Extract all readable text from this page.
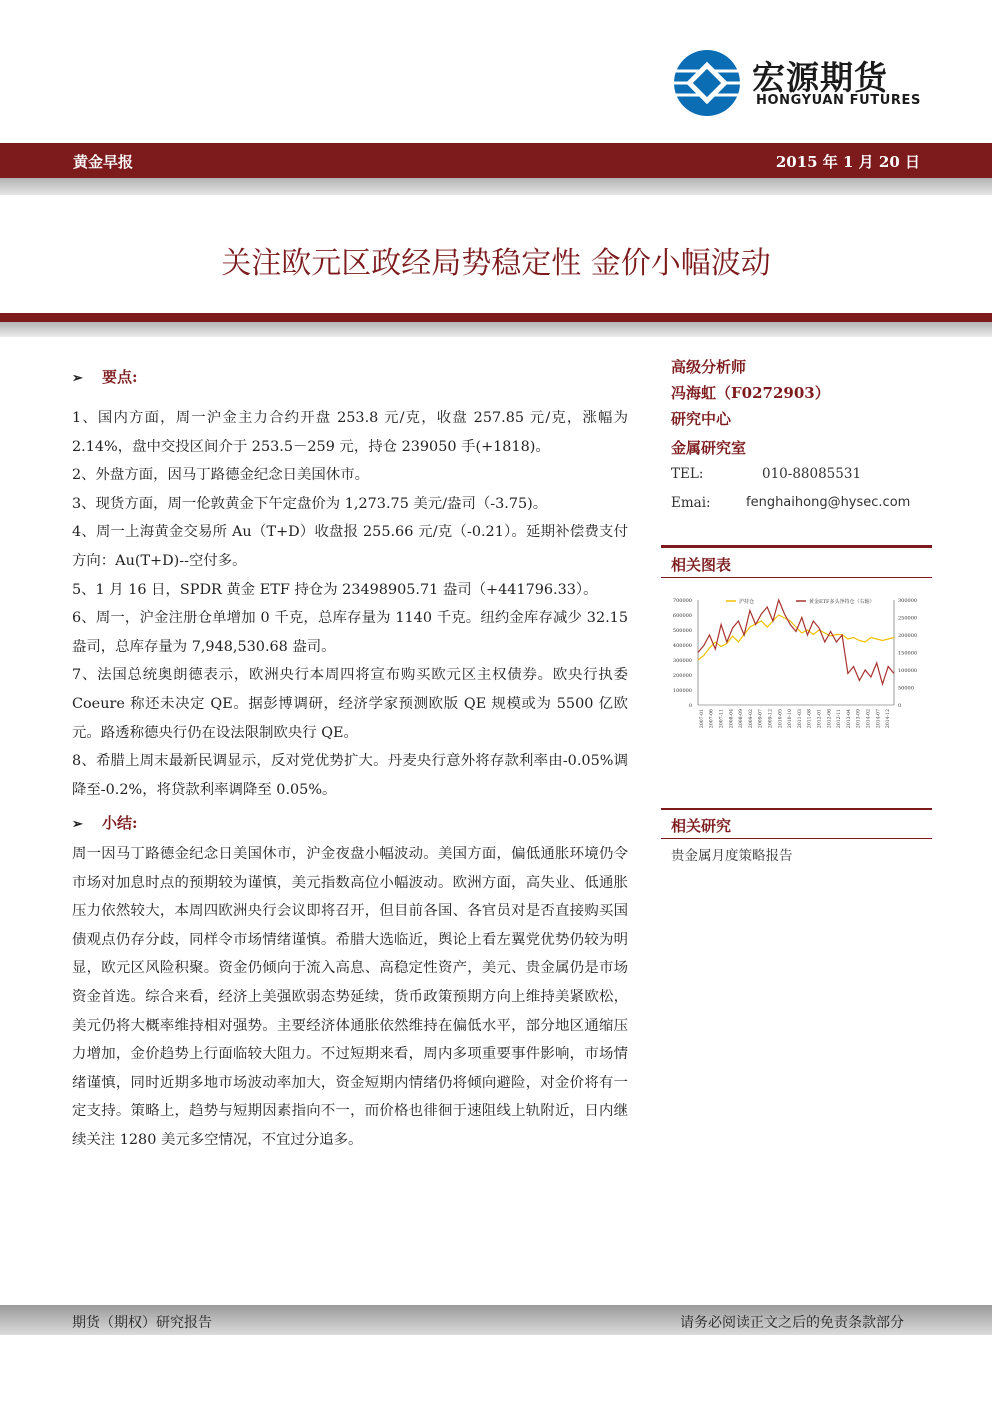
宏源期货
HONGYUAN FUTURES
黄金早报	2015 年 1 月 20 日
关注欧元区政经局势稳定性 金价小幅波动
➢ 要点:

1、国内方面，周一沪金主力合约开盘 253.8 元/克，收盘 257.85 元/克，涨幅为 2.14%，盘中交投区间介于 253.5－259 元，持仓 239050 手(+1818)。

2、外盘方面，因马丁路德金纪念日美国休市。

3、现货方面，周一伦敦黄金下午定盘价为 1,273.75 美元/盎司（-3.75)。

4、周一上海黄金交易所 Au（T+D）收盘报 255.66 元/克（-0.21）。延期补偿费支付方向：Au(T+D)--空付多。

5、1 月 16 日，SPDR 黄金 ETF 持仓为 23498905.71 盎司（+441796.33）。

6、周一，沪金注册仓单增加 0 千克，总库存量为 1140 千克。纽约金库存减少 32.15 盎司，总库存量为 7,948,530.68 盎司。

7、法国总统奥朗德表示，欧洲央行本周四将宣布购买欧元区主权债券。欧央行执委 Coeure 称还未决定 QE。据彭博调研，经济学家预测欧版 QE 规模或为 5500 亿欧元。路透称德央行仍在设法限制欧央行 QE。

8、希腊上周末最新民调显示，反对党优势扩大。丹麦央行意外将存款利率由-0.05%调降至-0.2%，将贷款利率调降至 0.05%。

➢ 小结:

周一因马丁路德金纪念日美国休市，沪金夜盘小幅波动。美国方面，偏低通胀环境仍令市场对加息时点的预期较为谨慎，美元指数高位小幅波动。欧洲方面，高失业、低通胀压力依然较大，本周四欧洲央行会议即将召开，但目前各国、各官员对是否直接购买国债观点仍存分歧，同样令市场情绪谨慎。希腊大选临近，舆论上看左翼党优势仍较为明显，欧元区风险积聚。资金仍倾向于流入高息、高稳定性资产，美元、贵金属仍是市场资金首选。综合来看，经济上美强欧弱态势延续，货币政策预期方向上维持美紧欧松，美元仍将大概率维持相对强势。主要经济体通胀依然维持在偏低水平，部分地区通缩压力增加，金价趋势上行面临较大阻力。不过短期来看，周内多项重要事件影响，市场情绪谨慎，同时近期多地市场波动率加大，资金短期内情绪仍将倾向避险，对金价将有一定支持。策略上，趋势与短期因素指向不一，而价格也徘徊于速阻线上轨附近，日内继续关注 1280 美元多空情况，不宜过分追多。

高级分析师
冯海虹（F0272903）
研究中心
金属研究室
TEL:	010-88085531
Emai:	fenghaihong@hysec.com
相关图表
700000
600000
500000
400000
300000
200000
100000
0
300000
250000
200000
150000
100000
50000
0
2007-01 2007-06 2007-11 2008-04 2008-09 2009-02 2009-07 2009-12 2010-05 2010-10 2011-03 2011-08 2012-01 2012-06 2012-11 2013-04 2013-09 2014-02 2014-07 2014-12
沪持仓	黄金ETF多头净持仓（右轴）
相关研究
贵金属月度策略报告
期货（期权）研究报告	请务必阅读正文之后的免责条款部分
